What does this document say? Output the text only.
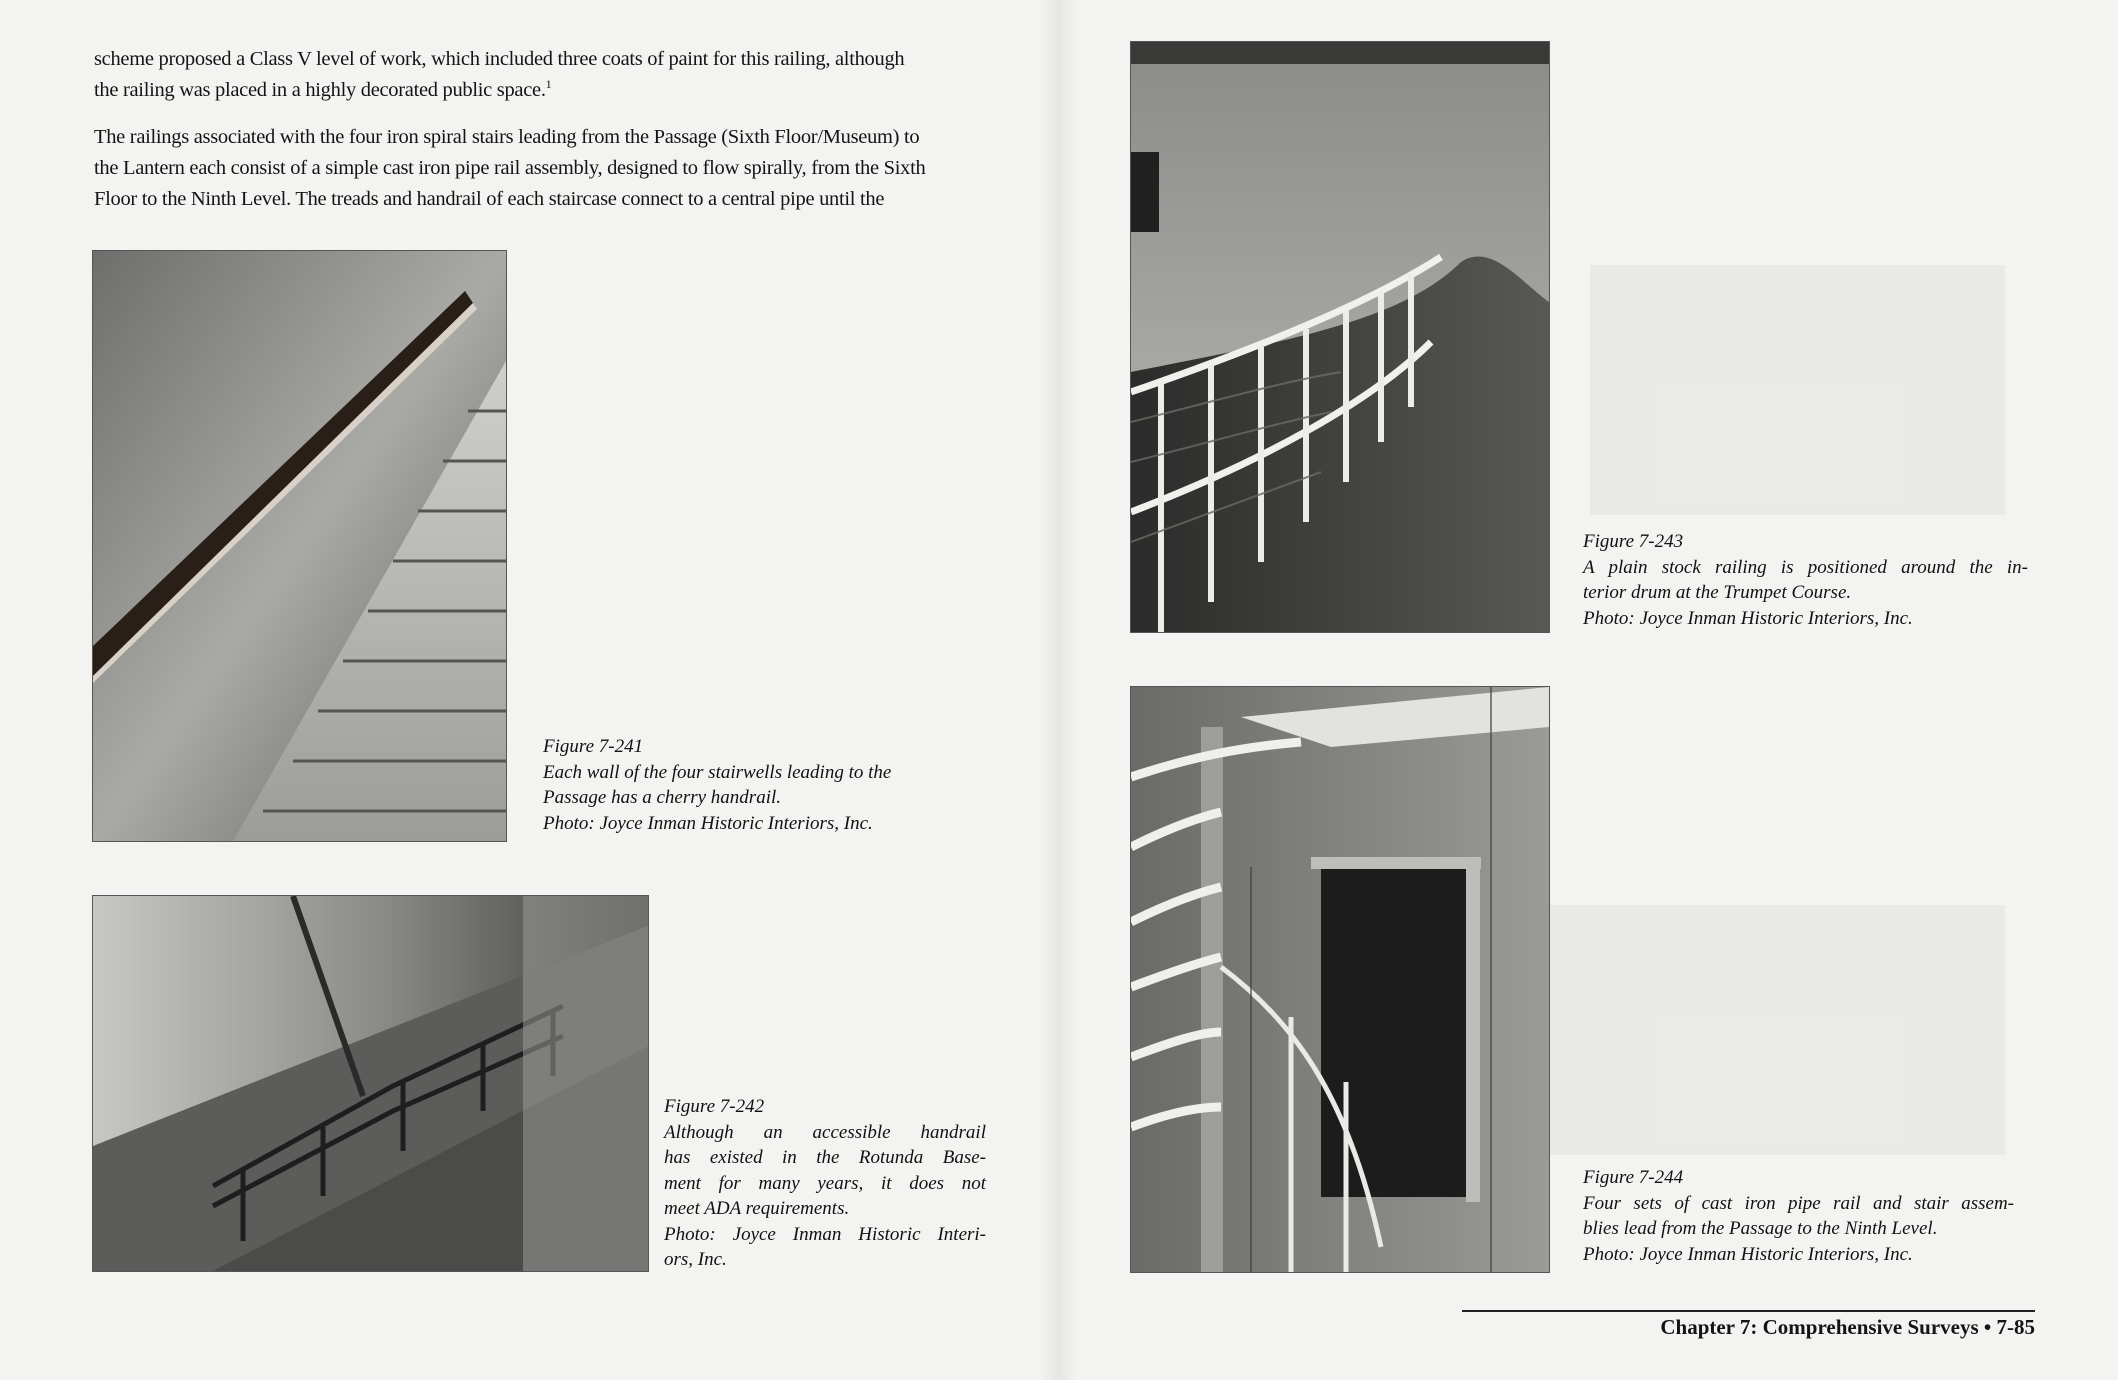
scheme proposed a Class V level of work, which included three coats of paint for this railing, although
the railing was placed in a highly decorated public space.$^1$

The railings associated with the four iron spiral stairs leading from the Passage (Sixth Floor/Museum) to
the Lantern each consist of a simple cast iron pipe rail assembly, designed to flow spirally, from the Sixth
Floor to the Ninth Level. The treads and handrail of each staircase connect to a central pipe until the

Figure 7-241
Each wall of the four stairwells leading to the
Passage has a cherry handrail.
Photo: Joyce Inman Historic Interiors, Inc.

Figure 7-242
Although an accessible handrail
has existed in the Rotunda Base-
ment for many years, it does not
meet ADA requirements.
Photo: Joyce Inman Historic Interi-
ors, Inc.

Figure 7-243
A plain stock railing is positioned around the in-
terior drum at the Trumpet Course.
Photo: Joyce Inman Historic Interiors, Inc.

Figure 7-244
Four sets of cast iron pipe rail and stair assem-
blies lead from the Passage to the Ninth Level.
Photo: Joyce Inman Historic Interiors, Inc.

Chapter 7: Comprehensive Surveys • 7-85
